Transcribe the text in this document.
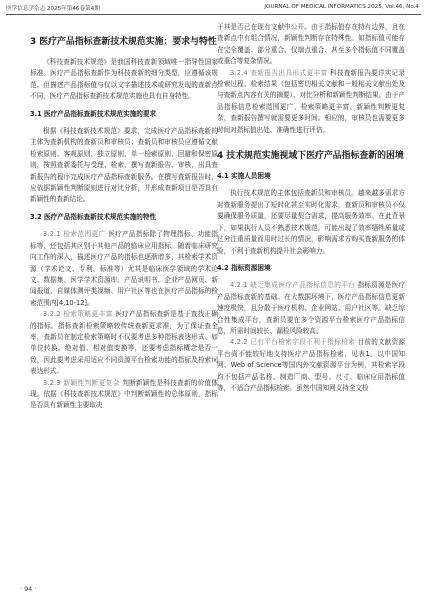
医学信息学杂志 2025年第46卷第4期	JOURNAL OF MEDICAL INFORMATICS 2025, Vol.46, No.4
3 医疗产品指标查新技术规范实施：要求与特性

《科技查新技术规范》是我国科技查新领域唯一指导性国家标准。医疗产品指标查新作为科技查新的细分类型，应遵循该规范。但描述产品指标值与仅以文字描述技术或研究发现的查新点不同，医疗产品指标查新技术规范实施也具有自身特性。

3.1 医疗产品指标查新技术规范实施的要求

根据《科技查新技术规范》要求，完成医疗产品指标查新的主体为查新机构的查新员和审核员；查新员和审核员应遵循文献检索原则、客观原则、独立原则、单一检索原则、回避和保密原则，按照查新委托与受理、检索、撰写查新报告、审核、出具查新报告的程序完成医疗产品指标查新服务。在撰写查新报告时，应依据新颖性判断原则进行对比分析，并形成查新项目是否具有新颖性的查新结论。

3.2 医疗产品指标查新技术规范实施的特性

3.2.1 检索范围更广 医疗产品指标除了物理指标、功能指标等，还包括其区别于其他产品的临床应用指标。随着临床研究向工作的深入，描述医疗产品的指标也逐渐增多，其检索学术资源（学术论文、专利、标准等）尤其是临床医学领域的学术论文、数据集、医学学术资源库、产品说明书、企业产品网页、新闻报道、自媒体测评类视频、用户社区等也在医疗产品指标的检索范围内[4,10-12]。

3.2.2 检索策略更丰富 医疗产品指标查新是基于查找正确的指标。指标查新检索策略较传统查新更求准，为了保证查全率，查新员在制定检索策略时不仅要考虑多种指标表达形式、如单位转换、绝对值、相对值变换等，还要考虑指标概念是否一致，因此要考虑采用适应不同资源平台检索功能的指标及检索词表达形式。

3.2.3 新颖性判断更复杂 判断新颖性是科技查新的价值体现。依据《科技查新技术规范》中判断新颖性的总体原则，指标是否具有新颖性主要取决

于其是否已在现有文献中公开。由于指标值存在特有边界，且在查新点中有组合情况，新颖性判断存在特殊性。如指标值可能存在完全覆盖、部分重合、仅端点重合、甚至多个指标值不同覆盖或重合等复杂情况。

3.2.4 查新报告出具形式更丰富 科技查新报告要详实记录检索过程、检索结果（包括密切相关文献和一般相关文献出处及与查新点内容有关的摘要）、对比分析和新颖性判断结果。由于产品指标信息检索范围更广、检索策略更丰富、新颖性判断更复杂，查新报告撰写就需要更多时间。相应的，审核员也需要更多时间对指标值出处、准确性进行评估。

4 技术规范实施视域下医疗产品指标查新的困境
4.1 实施人员困境

执行技术规范的主体包括查新员和审核员。越来越多需求方对查新服务提出了短时化甚至实时化需求，查新员和审核员不仅要确保服务质量，还要尽量契合需求，提高服务效率。在此背景下，如果执行人员不熟悉技术规范，可能出现了效率牺牲质量或过分注重质量而用时过长的情况，影响需求方购买查新服务的体验，不利于查新机构提升社会影响力。

4.2 指标资源困境

4.2.1 缺乏集成医疗产品指标信息的平台 指标资源是医疗产品指标查新的基础。在大数据环境下，医疗产品指标信息更新速度极快，且分散于医疗机构、企业网站、用户社区等。缺乏综合性集成平台，查新员要在多个资源平台检索医疗产品指标信息，所需时间较长、漏检风险较高。

4.2.2 已有平台检索字段不利于指标检索 目前的文献资源平台尚不能较好地支持医疗产品指标检索，见表1。以中国知网、Web of Science等国内外文献资源平台为例，其检索字段均不包括产品名称、制造厂商、型号、尺寸、临床应用指标值等，不适合产品指标检索。虽然中国知网支持全文检

· 94 ·
